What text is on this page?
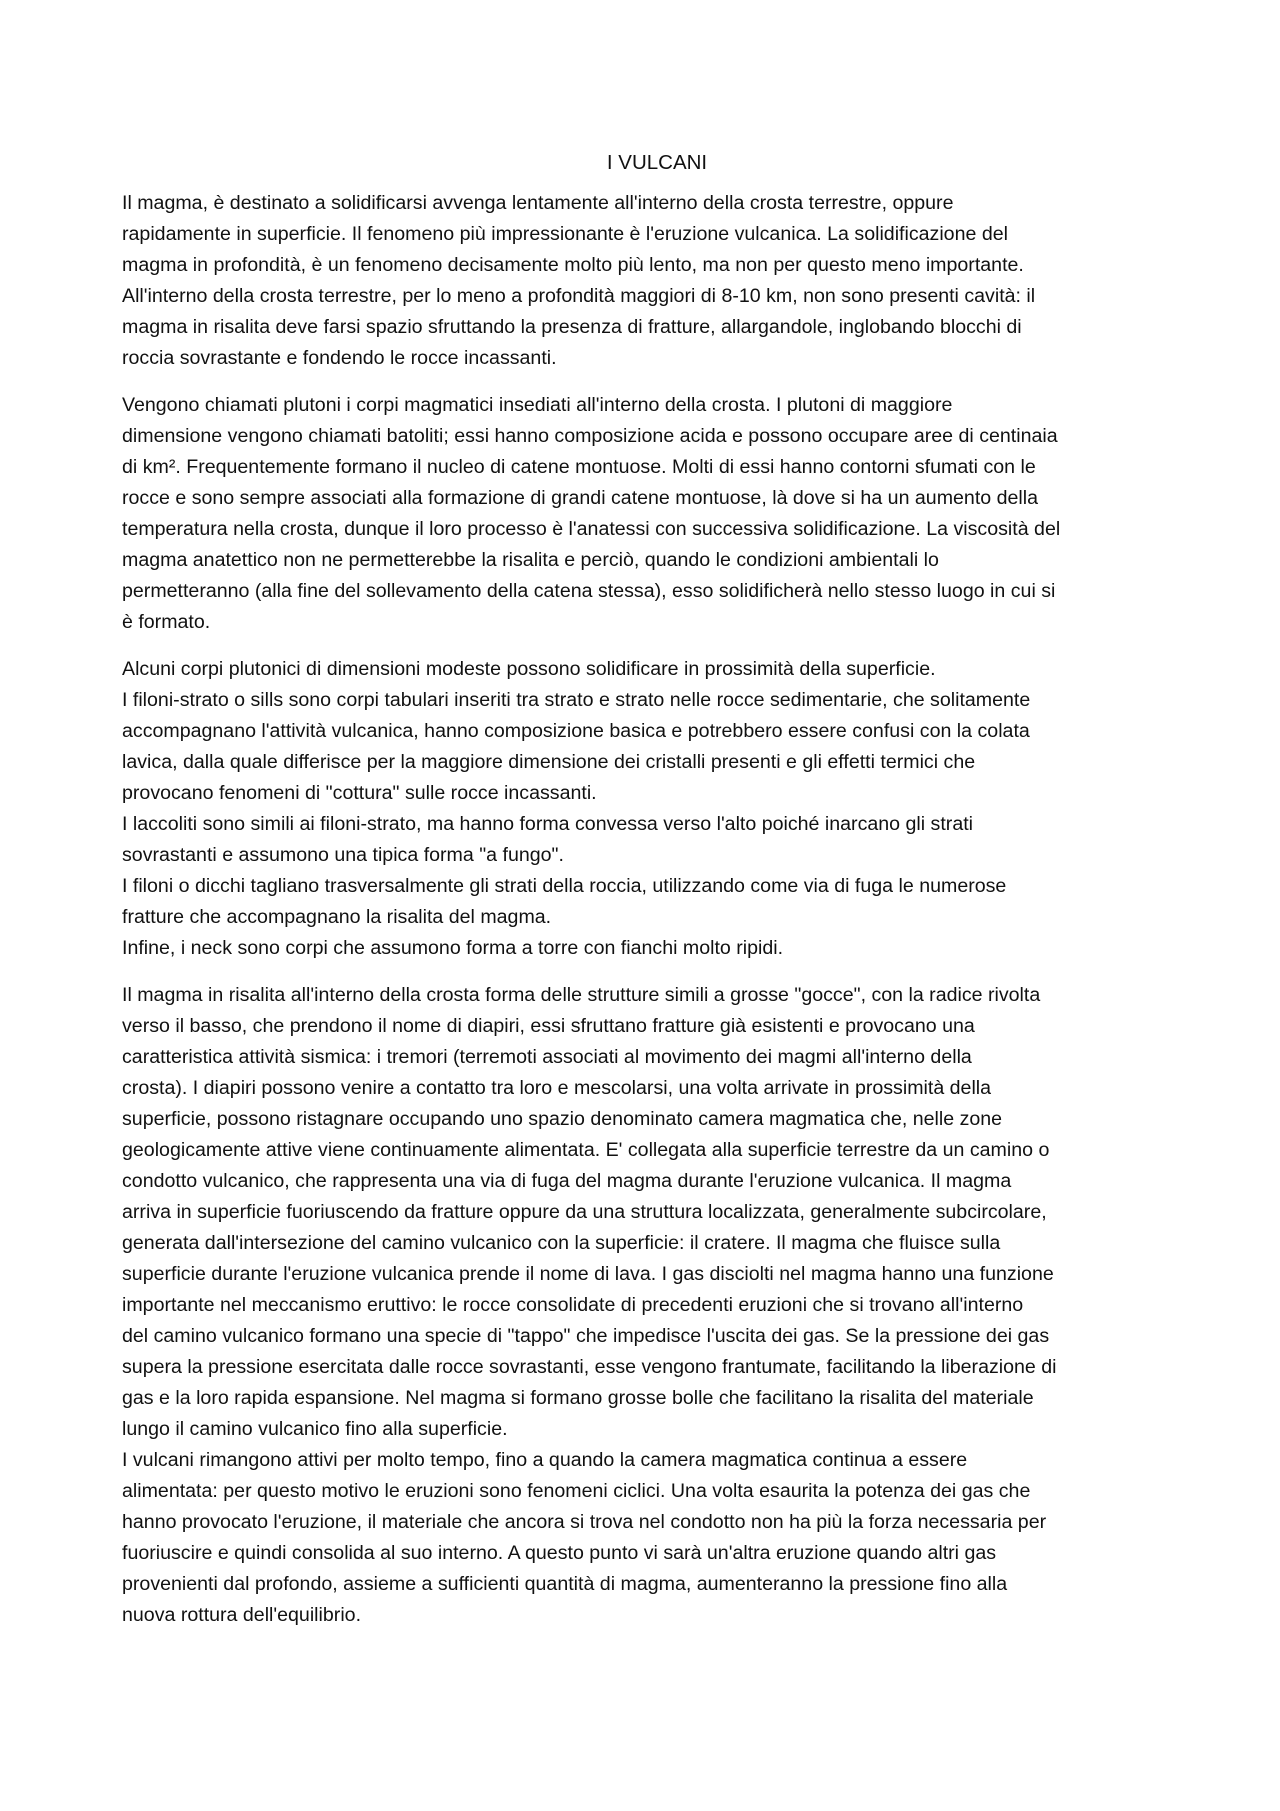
I VULCANI
Il magma, è destinato a solidificarsi avvenga lentamente all'interno della crosta terrestre, oppure
rapidamente in superficie. Il fenomeno più impressionante è l'eruzione vulcanica. La solidificazione del
magma in profondità, è un fenomeno decisamente molto più lento, ma non per questo meno importante.
All'interno della crosta terrestre, per lo meno a profondità maggiori di 8-10 km, non sono presenti cavità: il
magma in risalita deve farsi spazio sfruttando la presenza di fratture, allargandole, inglobando blocchi di
roccia sovrastante e fondendo le rocce incassanti.
Vengono chiamati plutoni i corpi magmatici insediati all'interno della crosta. I plutoni di maggiore
dimensione vengono chiamati batoliti; essi hanno composizione acida e possono occupare aree di centinaia
di km². Frequentemente formano il nucleo di catene montuose. Molti di essi hanno contorni sfumati con le
rocce e sono sempre associati alla formazione di grandi catene montuose, là dove si ha un aumento della
temperatura nella crosta, dunque il loro processo è l'anatessi con successiva solidificazione. La viscosità del
magma anatettico non ne permetterebbe la risalita e perciò, quando le condizioni ambientali lo
permetteranno (alla fine del sollevamento della catena stessa), esso solidificherà nello stesso luogo in cui si
è formato.
Alcuni corpi plutonici di dimensioni modeste possono solidificare in prossimità della superficie.
I filoni-strato o sills sono corpi tabulari inseriti tra strato e strato nelle rocce sedimentarie, che solitamente
accompagnano l'attività vulcanica, hanno composizione basica e potrebbero essere confusi con la colata
lavica, dalla quale differisce per la maggiore dimensione dei cristalli presenti e gli effetti termici che
provocano fenomeni di "cottura" sulle rocce incassanti.
I laccoliti sono simili ai filoni-strato, ma hanno forma convessa verso l'alto poiché inarcano gli strati
sovrastanti e assumono una tipica forma "a fungo".
I filoni o dicchi tagliano trasversalmente gli strati della roccia, utilizzando come via di fuga le numerose
fratture che accompagnano la risalita del magma.
Infine, i neck sono corpi che assumono forma a torre con fianchi molto ripidi.
Il magma in risalita all'interno della crosta forma delle strutture simili a grosse "gocce", con la radice rivolta
verso il basso, che prendono il nome di diapiri, essi sfruttano fratture già esistenti e provocano una
caratteristica attività sismica: i tremori (terremoti associati al movimento dei magmi all'interno della
crosta). I diapiri possono venire a contatto tra loro e mescolarsi, una volta arrivate in prossimità della
superficie, possono ristagnare occupando uno spazio denominato camera magmatica che, nelle zone
geologicamente attive viene continuamente alimentata. E' collegata alla superficie terrestre da un camino o
condotto vulcanico, che rappresenta una via di fuga del magma durante l'eruzione vulcanica. Il magma
arriva in superficie fuoriuscendo da fratture oppure da una struttura localizzata, generalmente subcircolare,
generata dall'intersezione del camino vulcanico con la superficie: il cratere. Il magma che fluisce sulla
superficie durante l'eruzione vulcanica prende il nome di lava. I gas disciolti nel magma hanno una funzione
importante nel meccanismo eruttivo: le rocce consolidate di precedenti eruzioni che si trovano all'interno
del camino vulcanico formano una specie di "tappo" che impedisce l'uscita dei gas. Se la pressione dei gas
supera la pressione esercitata dalle rocce sovrastanti, esse vengono frantumate, facilitando la liberazione di
gas e la loro rapida espansione. Nel magma si formano grosse bolle che facilitano la risalita del materiale
lungo il camino vulcanico fino alla superficie.
I vulcani rimangono attivi per molto tempo, fino a quando la camera magmatica continua a essere
alimentata: per questo motivo le eruzioni sono fenomeni ciclici. Una volta esaurita la potenza dei gas che
hanno provocato l'eruzione, il materiale che ancora si trova nel condotto non ha più la forza necessaria per
fuoriuscire e quindi consolida al suo interno. A questo punto vi sarà un'altra eruzione quando altri gas
provenienti dal profondo, assieme a sufficienti quantità di magma, aumenteranno la pressione fino alla
nuova rottura dell'equilibrio.
